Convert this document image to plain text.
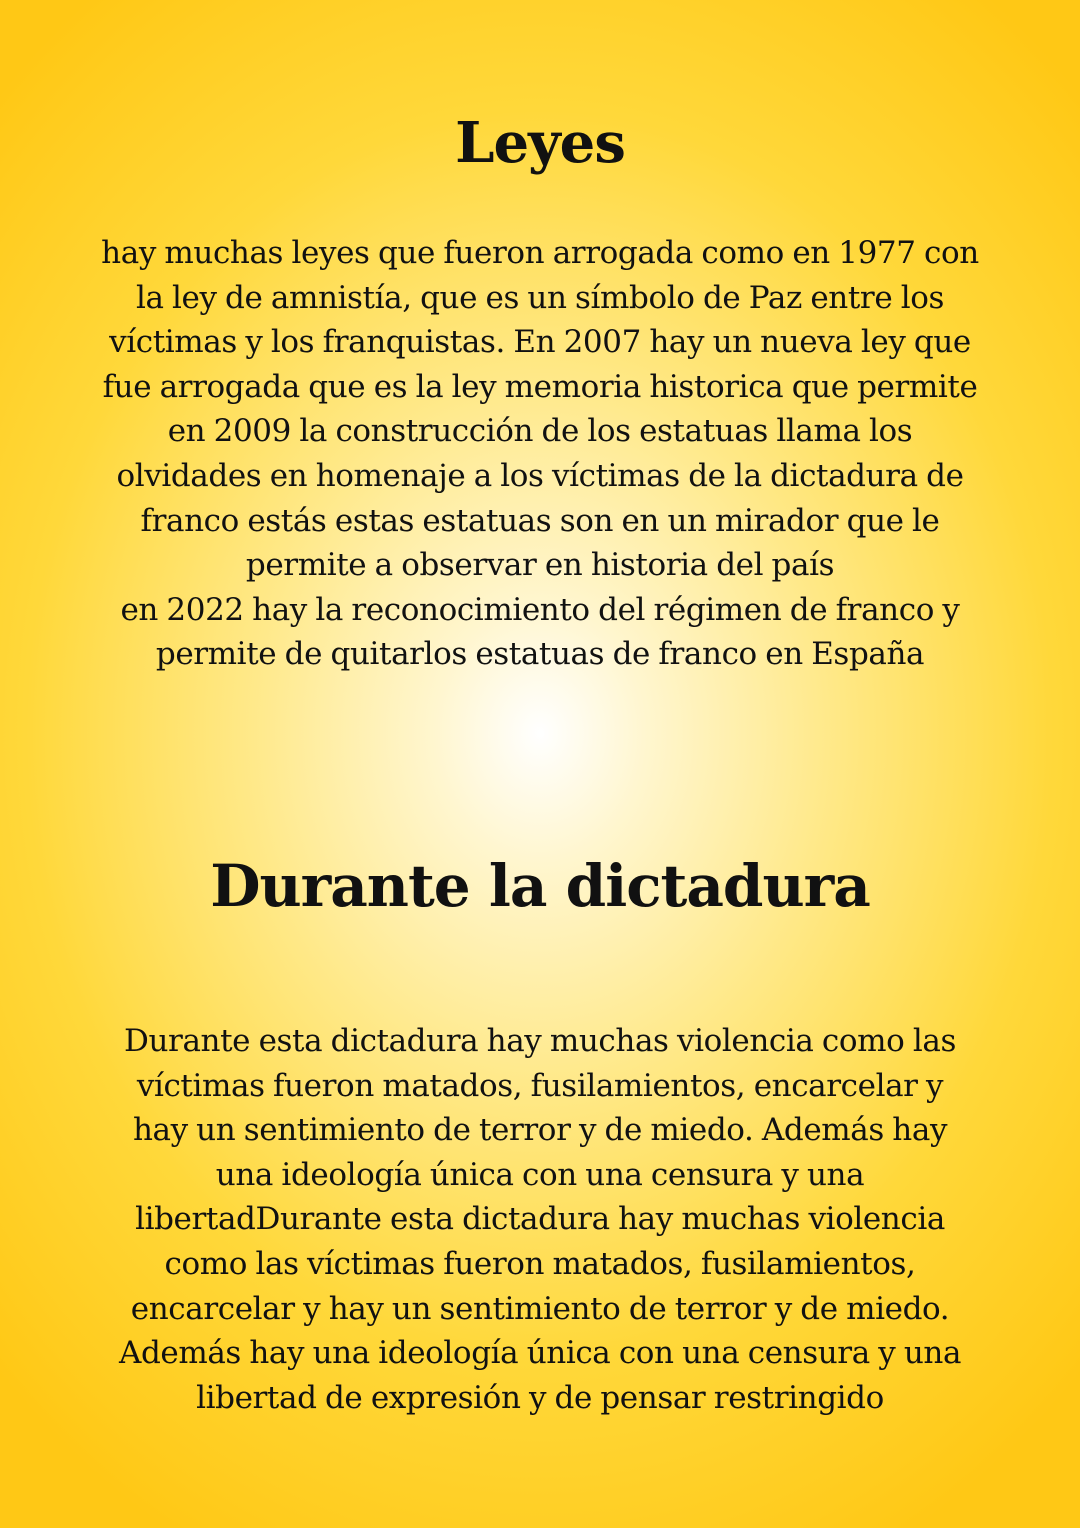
Leyes

hay muchas leyes que fueron arrogada como en 1977 con
la ley de amnistía, que es un símbolo de Paz entre los
víctimas y los franquistas. En 2007 hay un nueva ley que
fue arrogada que es la ley memoria historica que permite
en 2009 la construcción de los estatuas llama los
olvidades en homenaje a los víctimas de la dictadura de
franco estás estas estatuas son en un mirador que le
permite a observar en historia del país
en 2022 hay la reconocimiento del régimen de franco y
permite de quitarlos estatuas de franco en España

Durante la dictadura

Durante esta dictadura hay muchas violencia como las
víctimas fueron matados, fusilamientos, encarcelar y
hay un sentimiento de terror y de miedo. Además hay
una ideología única con una censura y una
libertadDurante esta dictadura hay muchas violencia
como las víctimas fueron matados, fusilamientos,
encarcelar y hay un sentimiento de terror y de miedo.
Además hay una ideología única con una censura y una
libertad de expresión y de pensar restringido
